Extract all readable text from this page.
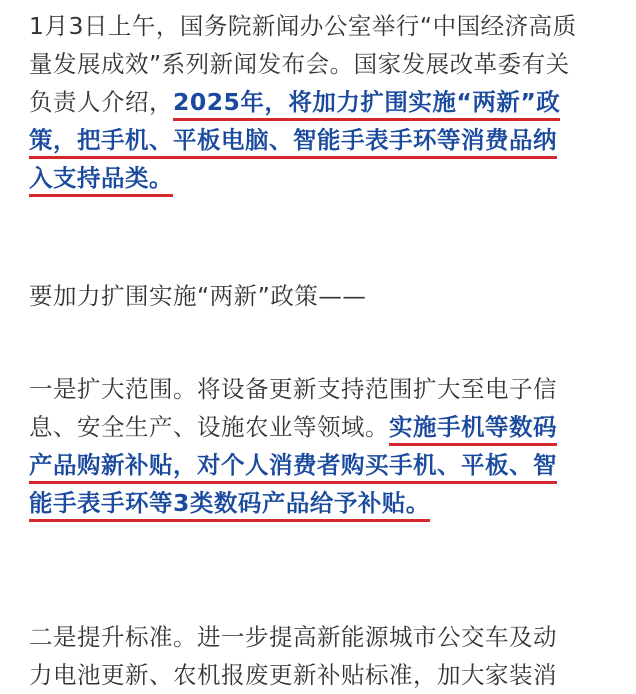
1月3日上午，国务院新闻办公室举行“中国经济高质
量发展成效”系列新闻发布会。国家发展改革委有关
负责人介绍，2025年，将加力扩围实施“两新”政
策，把手机、平板电脑、智能手表手环等消费品纳
入支持品类。
要加力扩围实施“两新”政策——
一是扩大范围。将设备更新支持范围扩大至电子信
息、安全生产、设施农业等领域。实施手机等数码
产品购新补贴，对个人消费者购买手机、平板、智
能手表手环等3类数码产品给予补贴。
二是提升标准。进一步提高新能源城市公交车及动
力电池更新、农机报废更新补贴标准，加大家装消
